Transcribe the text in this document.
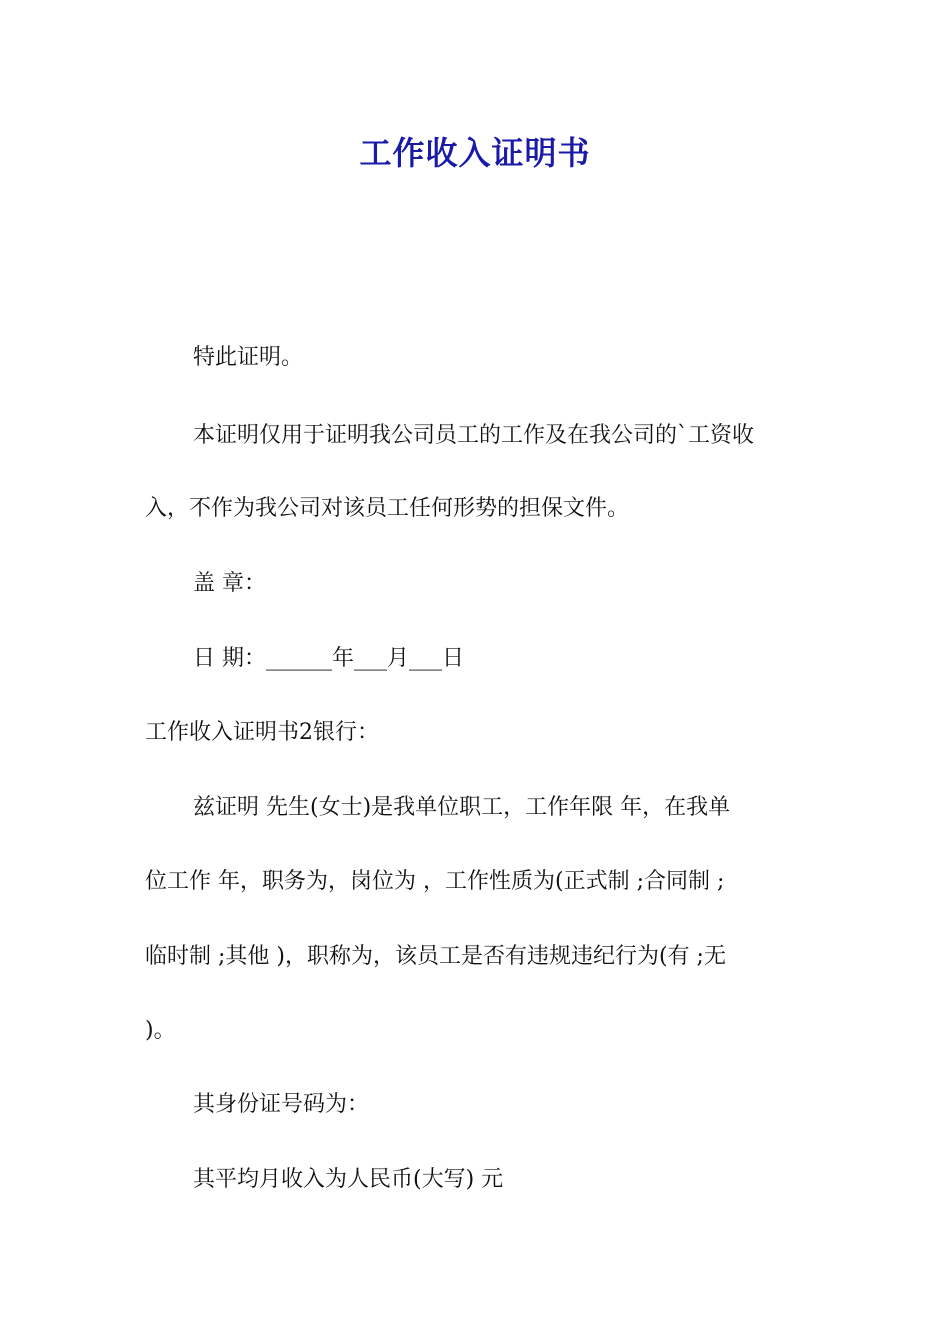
工作收入证明书
特此证明。
本证明仅用于证明我公司员工的工作及在我公司的`工资收
入，不作为我公司对该员工任何形势的担保文件。
盖 章：
日 期：______年___月___日
工作收入证明书2银行：
兹证明 先生(女士)是我单位职工，工作年限 年，在我单
位工作 年，职务为，岗位为 ，工作性质为(正式制 ;合同制 ;
临时制 ;其他 )，职称为，该员工是否有违规违纪行为(有 ;无
)。
其身份证号码为：
其平均月收入为人民币(大写) 元
